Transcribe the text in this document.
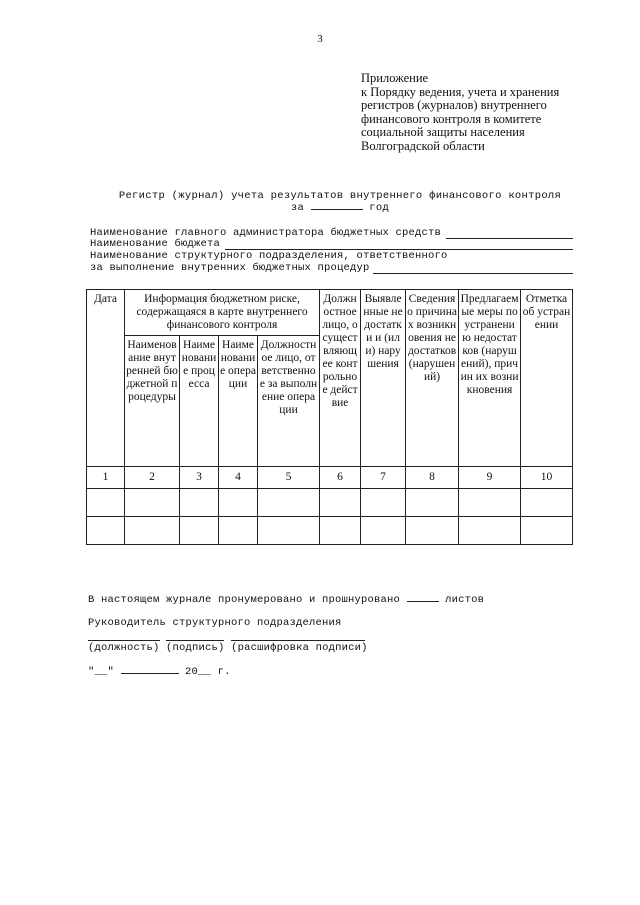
3
Приложение
к Порядку ведения, учета и хранения
регистров (журналов) внутреннего
финансового контроля в комитете
социальной защиты населения
Волгоградской области
Регистр (журнал) учета результатов внутреннего финансового контроля
за	год
Наименование главного администратора бюджетных средств
Наименование бюджета
Наименование структурного подразделения, ответственного
за выполнение внутренних бюджетных процедур
Дата	Информация бюджетном риске, содержащаяся в карте внутреннего финансового контроля				Должностное лицо, осуществляющее контрольное действие	Выявленные недостатки и (или) нарушения	Сведения о причинах возникновения недостатков (нарушений)	Предлагаемые меры по устранению недостатков (нарушений), причин их возникновения	Отметка об устранении
	Наименование внутренней бюджетной процедуры	Наименование процесса	Наименование операции	Должностное лицо, ответственное за выполнение операции					
1	2	3	4	5	6	7	8	9	10

В настоящем журнале пронумеровано и прошнуровано	листов
Руководитель структурного подразделения
(должность) (подпись) (расшифровка подписи)
"__"	20__ г.
